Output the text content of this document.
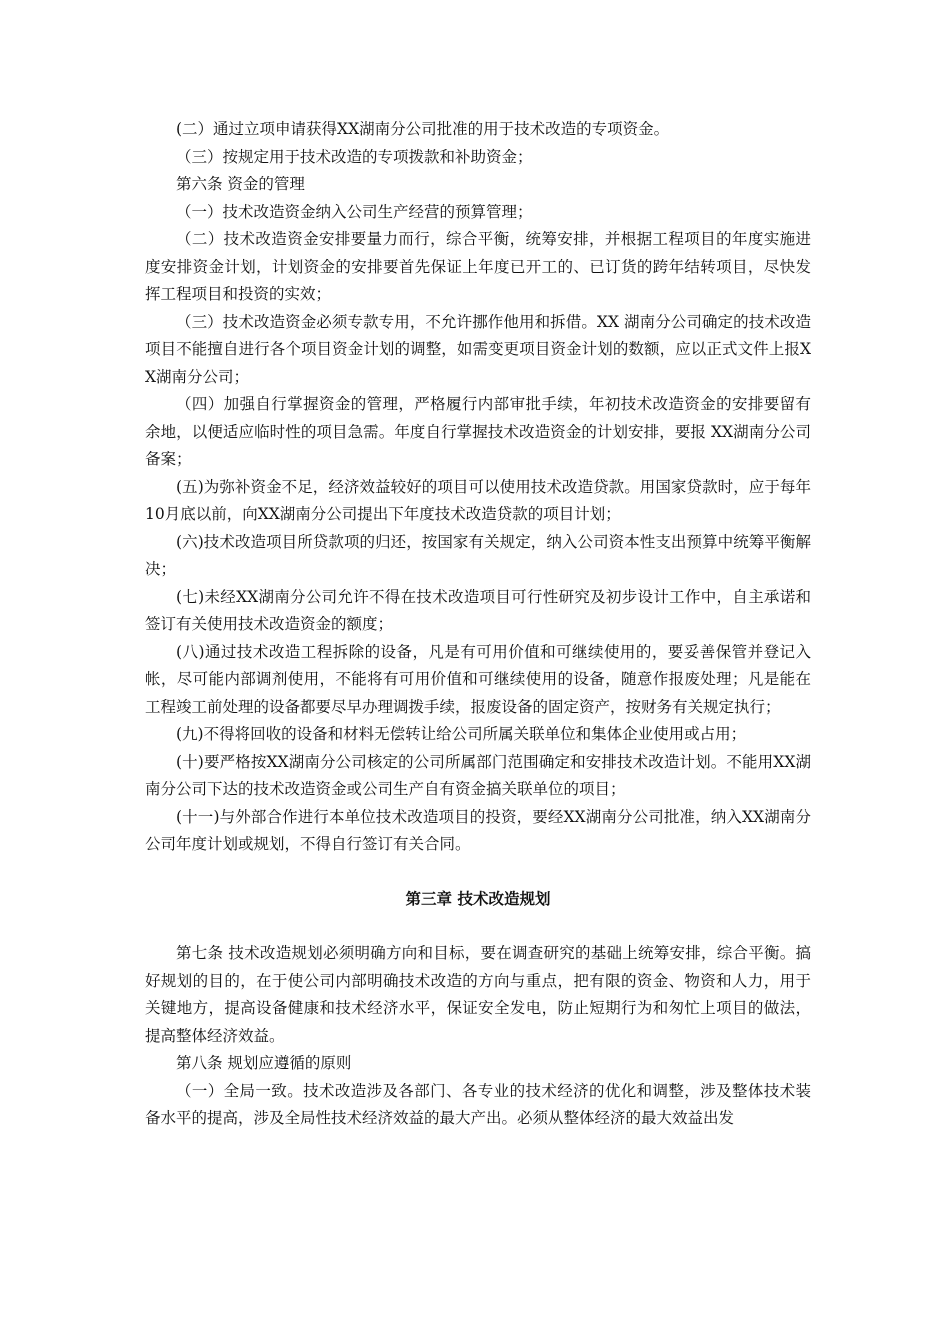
(二）通过立项申请获得XX湖南分公司批准的用于技术改造的专项资金。

（三）按规定用于技术改造的专项拨款和补助资金；

第六条 资金的管理

（一）技术改造资金纳入公司生产经营的预算管理；

（二）技术改造资金安排要量力而行，综合平衡，统筹安排，并根据工程项目的年度实施进度安排资金计划，计划资金的安排要首先保证上年度已开工的、已订货的跨年结转项目，尽快发挥工程项目和投资的实效；

（三）技术改造资金必须专款专用，不允许挪作他用和拆借。XX 湖南分公司确定的技术改造项目不能擅自进行各个项目资金计划的调整，如需变更项目资金计划的数额，应以正式文件上报XX湖南分公司；

（四）加强自行掌握资金的管理，严格履行内部审批手续，年初技术改造资金的安排要留有余地，以便适应临时性的项目急需。年度自行掌握技术改造资金的计划安排，要报 XX湖南分公司备案；

(五)为弥补资金不足，经济效益较好的项目可以使用技术改造贷款。用国家贷款时，应于每年 10月底以前，向XX湖南分公司提出下年度技术改造贷款的项目计划；

(六)技术改造项目所贷款项的归还，按国家有关规定，纳入公司资本性支出预算中统筹平衡解决；

(七)未经XX湖南分公司允许不得在技术改造项目可行性研究及初步设计工作中，自主承诺和签订有关使用技术改造资金的额度；

(八)通过技术改造工程拆除的设备，凡是有可用价值和可继续使用的，要妥善保管并登记入帐，尽可能内部调剂使用，不能将有可用价值和可继续使用的设备，随意作报废处理；凡是能在工程竣工前处理的设备都要尽早办理调拨手续，报废设备的固定资产，按财务有关规定执行；

(九)不得将回收的设备和材料无偿转让给公司所属关联单位和集体企业使用或占用；

(十)要严格按XX湖南分公司核定的公司所属部门范围确定和安排技术改造计划。不能用XX湖南分公司下达的技术改造资金或公司生产自有资金搞关联单位的项目；

(十一)与外部合作进行本单位技术改造项目的投资，要经XX湖南分公司批准，纳入XX湖南分公司年度计划或规划，不得自行签订有关合同。

第三章 技术改造规划

第七条 技术改造规划必须明确方向和目标，要在调查研究的基础上统筹安排，综合平衡。搞好规划的目的，在于使公司内部明确技术改造的方向与重点，把有限的资金、物资和人力，用于关键地方，提高设备健康和技术经济水平，保证安全发电，防止短期行为和匆忙上项目的做法，提高整体经济效益。

第八条 规划应遵循的原则

（一）全局一致。技术改造涉及各部门、各专业的技术经济的优化和调整，涉及整体技术装备水平的提高，涉及全局性技术经济效益的最大产出。必须从整体经济的最大效益出发
